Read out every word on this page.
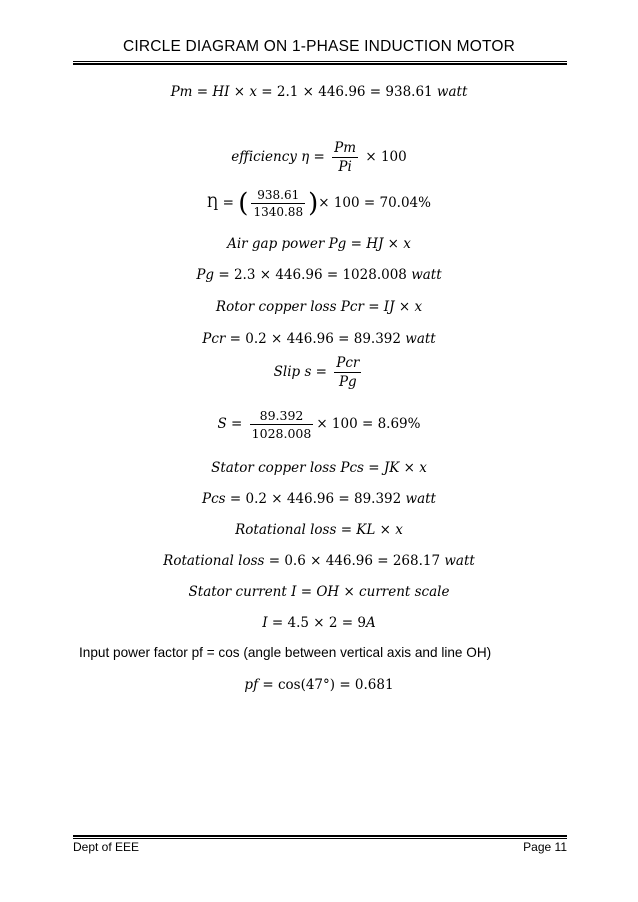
CIRCLE DIAGRAM ON 1-PHASE INDUCTION MOTOR
Pm = HI × x = 2.1 × 446.96 = 938.61 watt
efficiency $\eta = \frac{Pm}{Pi} \times 100$
Ƞ = ( $\frac{938.61}{1340.88}$ )× 100 = 70.04%
Air gap power Pg = HJ × x
Pg = 2.3 × 446.96 = 1028.008 watt
Rotor copper loss Pcr = IJ × x
Pcr = 0.2 × 446.96 = 89.392 watt
Slip $s = \frac{\text{Pcr}}{Pg}$
$S = \frac{89.392}{1028.008} \times 100 = 8.69\%$
Stator copper loss Pcs = JK × x
Pcs = 0.2 × 446.96 = 89.392 watt
Rotational loss = KL × x
Rotational loss = 0.6 × 446.96 = 268.17 watt
Stator current I = OH × current scale
I = 4.5 × 2 = 9A
Input power factor pf = cos (angle between vertical axis and line OH)
pf = cos(47°) = 0.681
Dept of EEE	Page 11
